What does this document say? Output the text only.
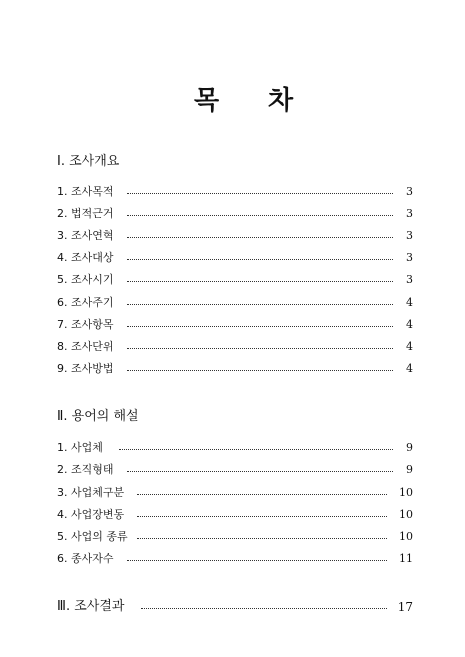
목 차
Ⅰ. 조사개요
1. 조사목적	3
2. 법적근거	3
3. 조사연혁	3
4. 조사대상	3
5. 조사시기	3
6. 조사주기	4
7. 조사항목	4
8. 조사단위	4
9. 조사방법	4
Ⅱ. 용어의 해설
1. 사업체	9
2. 조직형태	9
3. 사업체구분	10
4. 사업장변동	10
5. 사업의 종류	10
6. 종사자수	11
Ⅲ. 조사결과	17
